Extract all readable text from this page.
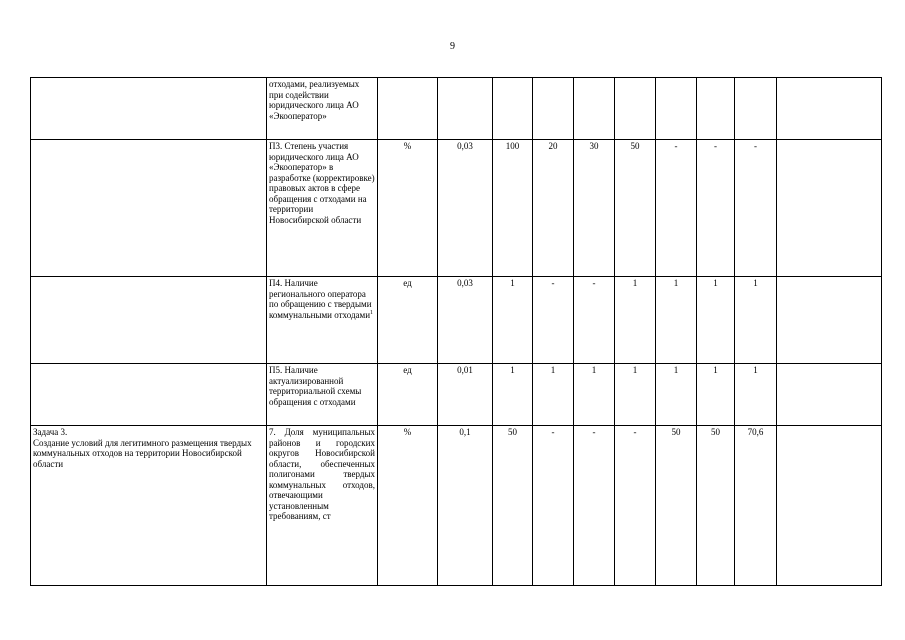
9
	отходами, реализуемых при содействии юридического лица АО «Экооператор»											
	П3. Степень участия юридического лица АО «Экооператор» в разработке (корректировке) правовых актов в сфере обращения с отходами на территории Новосибирской области	%	0,03	100	20	30	50	-	-	-		
	П4. Наличие регионального оператора по обращению с твердыми коммунальными отходами$^1$	ед	0,03	1	-	-	1	1	1	1		
	П5. Наличие актуализированной территориальной схемы обращения с отходами	ед	0,01	1	1	1	1	1	1	1		
Задача 3.
Создание условий для легитимного размещения твердых коммунальных отходов на территории Новосибирской области	7. Доля муниципальных районов и городских округов Новосибирской области, обеспеченных полигонами твердых коммунальных отходов, отвечающими установленным требованиям, ст	%	0,1	50	-	-	-	50	50	70,6		
